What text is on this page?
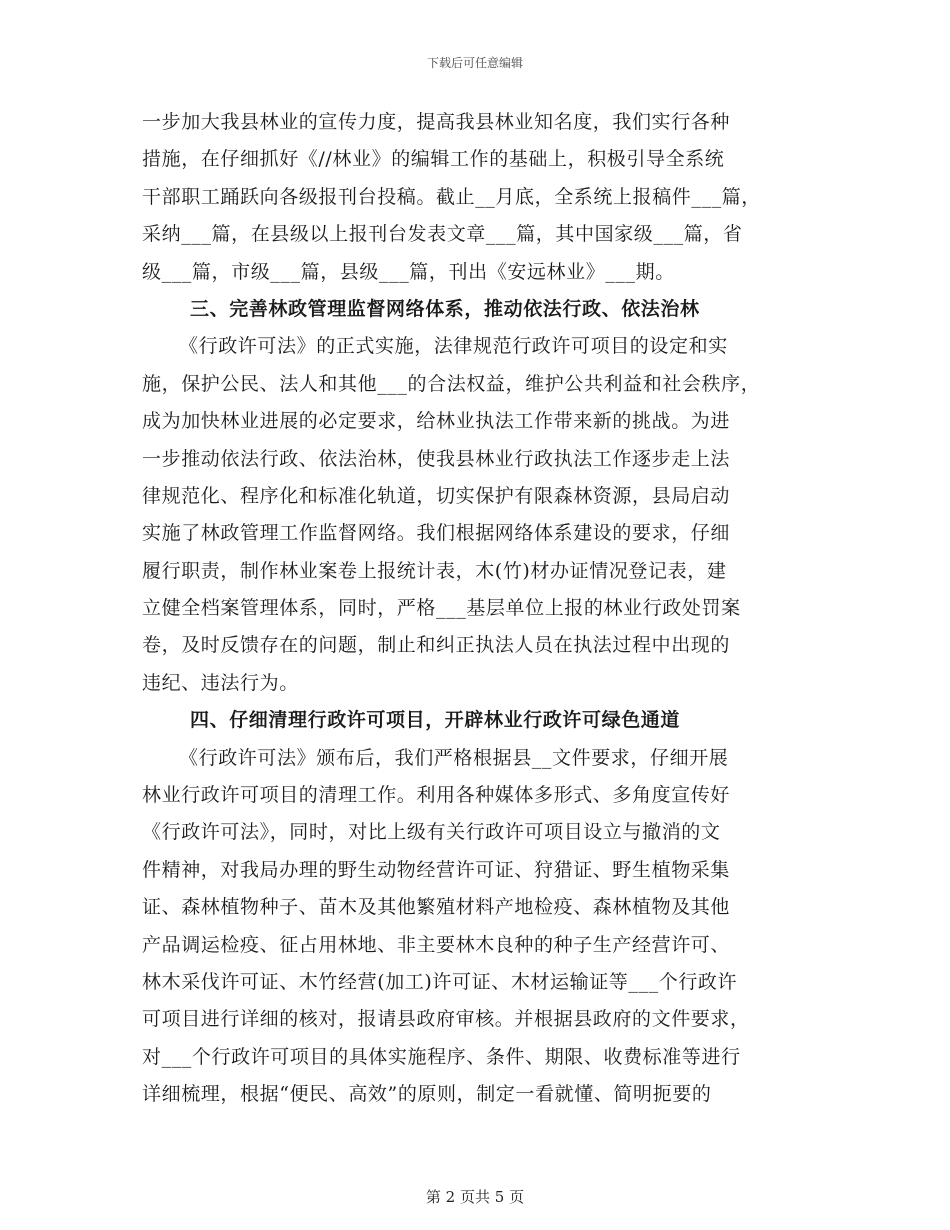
下载后可任意编辑
一步加大我县林业的宣传力度，提高我县林业知名度，我们实行各种
措施，在仔细抓好《//林业》的编辑工作的基础上，积极引导全系统
干部职工踊跃向各级报刊台投稿。截止__月底，全系统上报稿件___篇，
采纳___篇，在县级以上报刊台发表文章___篇，其中国家级___篇，省
级___篇，市级___篇，县级___篇，刊出《安远林业》___期。
三、完善林政管理监督网络体系，推动依法行政、依法治林
《行政许可法》的正式实施，法律规范行政许可项目的设定和实
施，保护公民、法人和其他___的合法权益，维护公共利益和社会秩序，
成为加快林业进展的必定要求，给林业执法工作带来新的挑战。为进
一步推动依法行政、依法治林，使我县林业行政执法工作逐步走上法
律规范化、程序化和标准化轨道，切实保护有限森林资源，县局启动
实施了林政管理工作监督网络。我们根据网络体系建设的要求，仔细
履行职责，制作林业案卷上报统计表，木(竹)材办证情况登记表，建
立健全档案管理体系，同时，严格___基层单位上报的林业行政处罚案
卷，及时反馈存在的问题，制止和纠正执法人员在执法过程中出现的
违纪、违法行为。
四、仔细清理行政许可项目，开辟林业行政许可绿色通道
《行政许可法》颁布后，我们严格根据县__文件要求，仔细开展
林业行政许可项目的清理工作。利用各种媒体多形式、多角度宣传好
《行政许可法》，同时，对比上级有关行政许可项目设立与撤消的文
件精神，对我局办理的野生动物经营许可证、狩猎证、野生植物采集
证、森林植物种子、苗木及其他繁殖材料产地检疫、森林植物及其他
产品调运检疫、征占用林地、非主要林木良种的种子生产经营许可、
林木采伐许可证、木竹经营(加工)许可证、木材运输证等___个行政许
可项目进行详细的核对，报请县政府审核。并根据县政府的文件要求，
对___个行政许可项目的具体实施程序、条件、期限、收费标准等进行
详细梳理，根据“便民、高效”的原则，制定一看就懂、简明扼要的
第 2 页共 5 页
